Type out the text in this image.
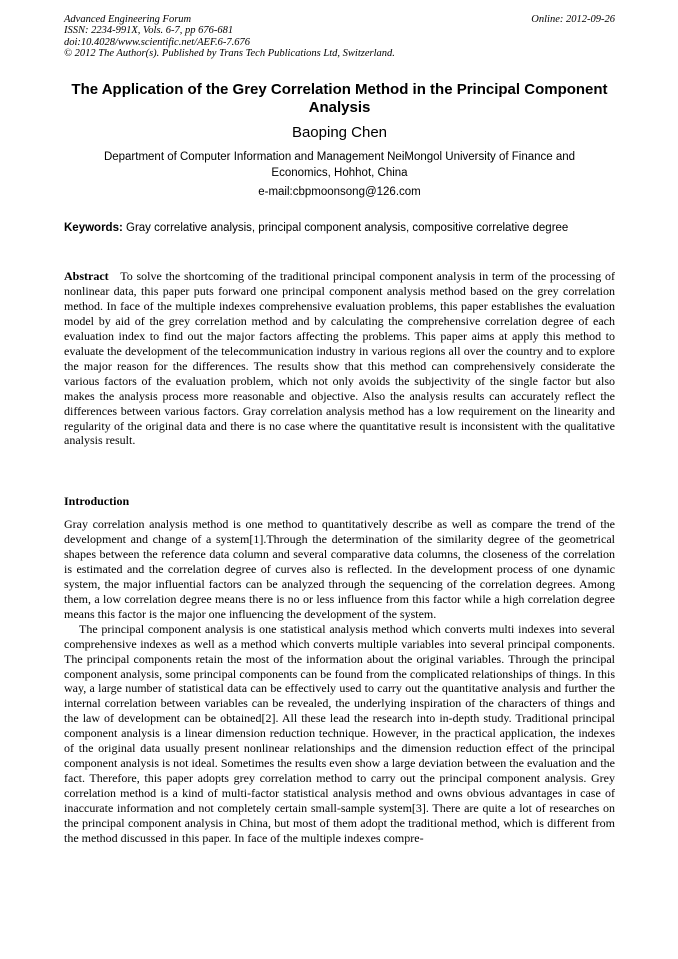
Advanced Engineering Forum
ISSN: 2234-991X, Vols. 6-7, pp 676-681
doi:10.4028/www.scientific.net/AEF.6-7.676
© 2012 The Author(s). Published by Trans Tech Publications Ltd, Switzerland.
Online: 2012-09-26
The Application of the Grey Correlation Method in the Principal Component Analysis
Baoping Chen
Department of Computer Information and Management NeiMongol University of Finance and Economics, Hohhot, China
e-mail:cbpmoonsong@126.com
Keywords: Gray correlative analysis, principal component analysis, compositive correlative degree
Abstract To solve the shortcoming of the traditional principal component analysis in term of the processing of nonlinear data, this paper puts forward one principal component analysis method based on the grey correlation method. In face of the multiple indexes comprehensive evaluation problems, this paper establishes the evaluation model by aid of the grey correlation method and by calculating the comprehensive correlation degree of each evaluation index to find out the major factors affecting the problems. This paper aims at apply this method to evaluate the development of the telecommunication industry in various regions all over the country and to explore the major reason for the differences. The results show that this method can comprehensively considerate the various factors of the evaluation problem, which not only avoids the subjectivity of the single factor but also makes the analysis process more reasonable and objective. Also the analysis results can accurately reflect the differences between various factors. Gray correlation analysis method has a low requirement on the linearity and regularity of the original data and there is no case where the quantitative result is inconsistent with the qualitative analysis result.
Introduction

Gray correlation analysis method is one method to quantitatively describe as well as compare the trend of the development and change of a system[1].Through the determination of the similarity degree of the geometrical shapes between the reference data column and several comparative data columns, the closeness of the correlation is estimated and the correlation degree of curves also is reflected. In the development process of one dynamic system, the major influential factors can be analyzed through the sequencing of the correlation degrees. Among them, a low correlation degree means there is no or less influence from this factor while a high correlation degree means this factor is the major one influencing the development of the system.

The principal component analysis is one statistical analysis method which converts multi indexes into several comprehensive indexes as well as a method which converts multiple variables into several principal components. The principal components retain the most of the information about the original variables. Through the principal component analysis, some principal components can be found from the complicated relationships of things. In this way, a large number of statistical data can be effectively used to carry out the quantitative analysis and further the internal correlation between variables can be revealed, the underlying inspiration of the characters of things and the law of development can be obtained[2]. All these lead the research into in-depth study. Traditional principal component analysis is a linear dimension reduction technique. However, in the practical application, the indexes of the original data usually present nonlinear relationships and the dimension reduction effect of the principal component analysis is not ideal. Sometimes the results even show a large deviation between the evaluation and the fact. Therefore, this paper adopts grey correlation method to carry out the principal component analysis. Grey correlation method is a kind of multi-factor statistical analysis method and owns obvious advantages in case of inaccurate information and not completely certain small-sample system[3]. There are quite a lot of researches on the principal component analysis in China, but most of them adopt the traditional method, which is different from the method discussed in this paper. In face of the multiple indexes compre-
